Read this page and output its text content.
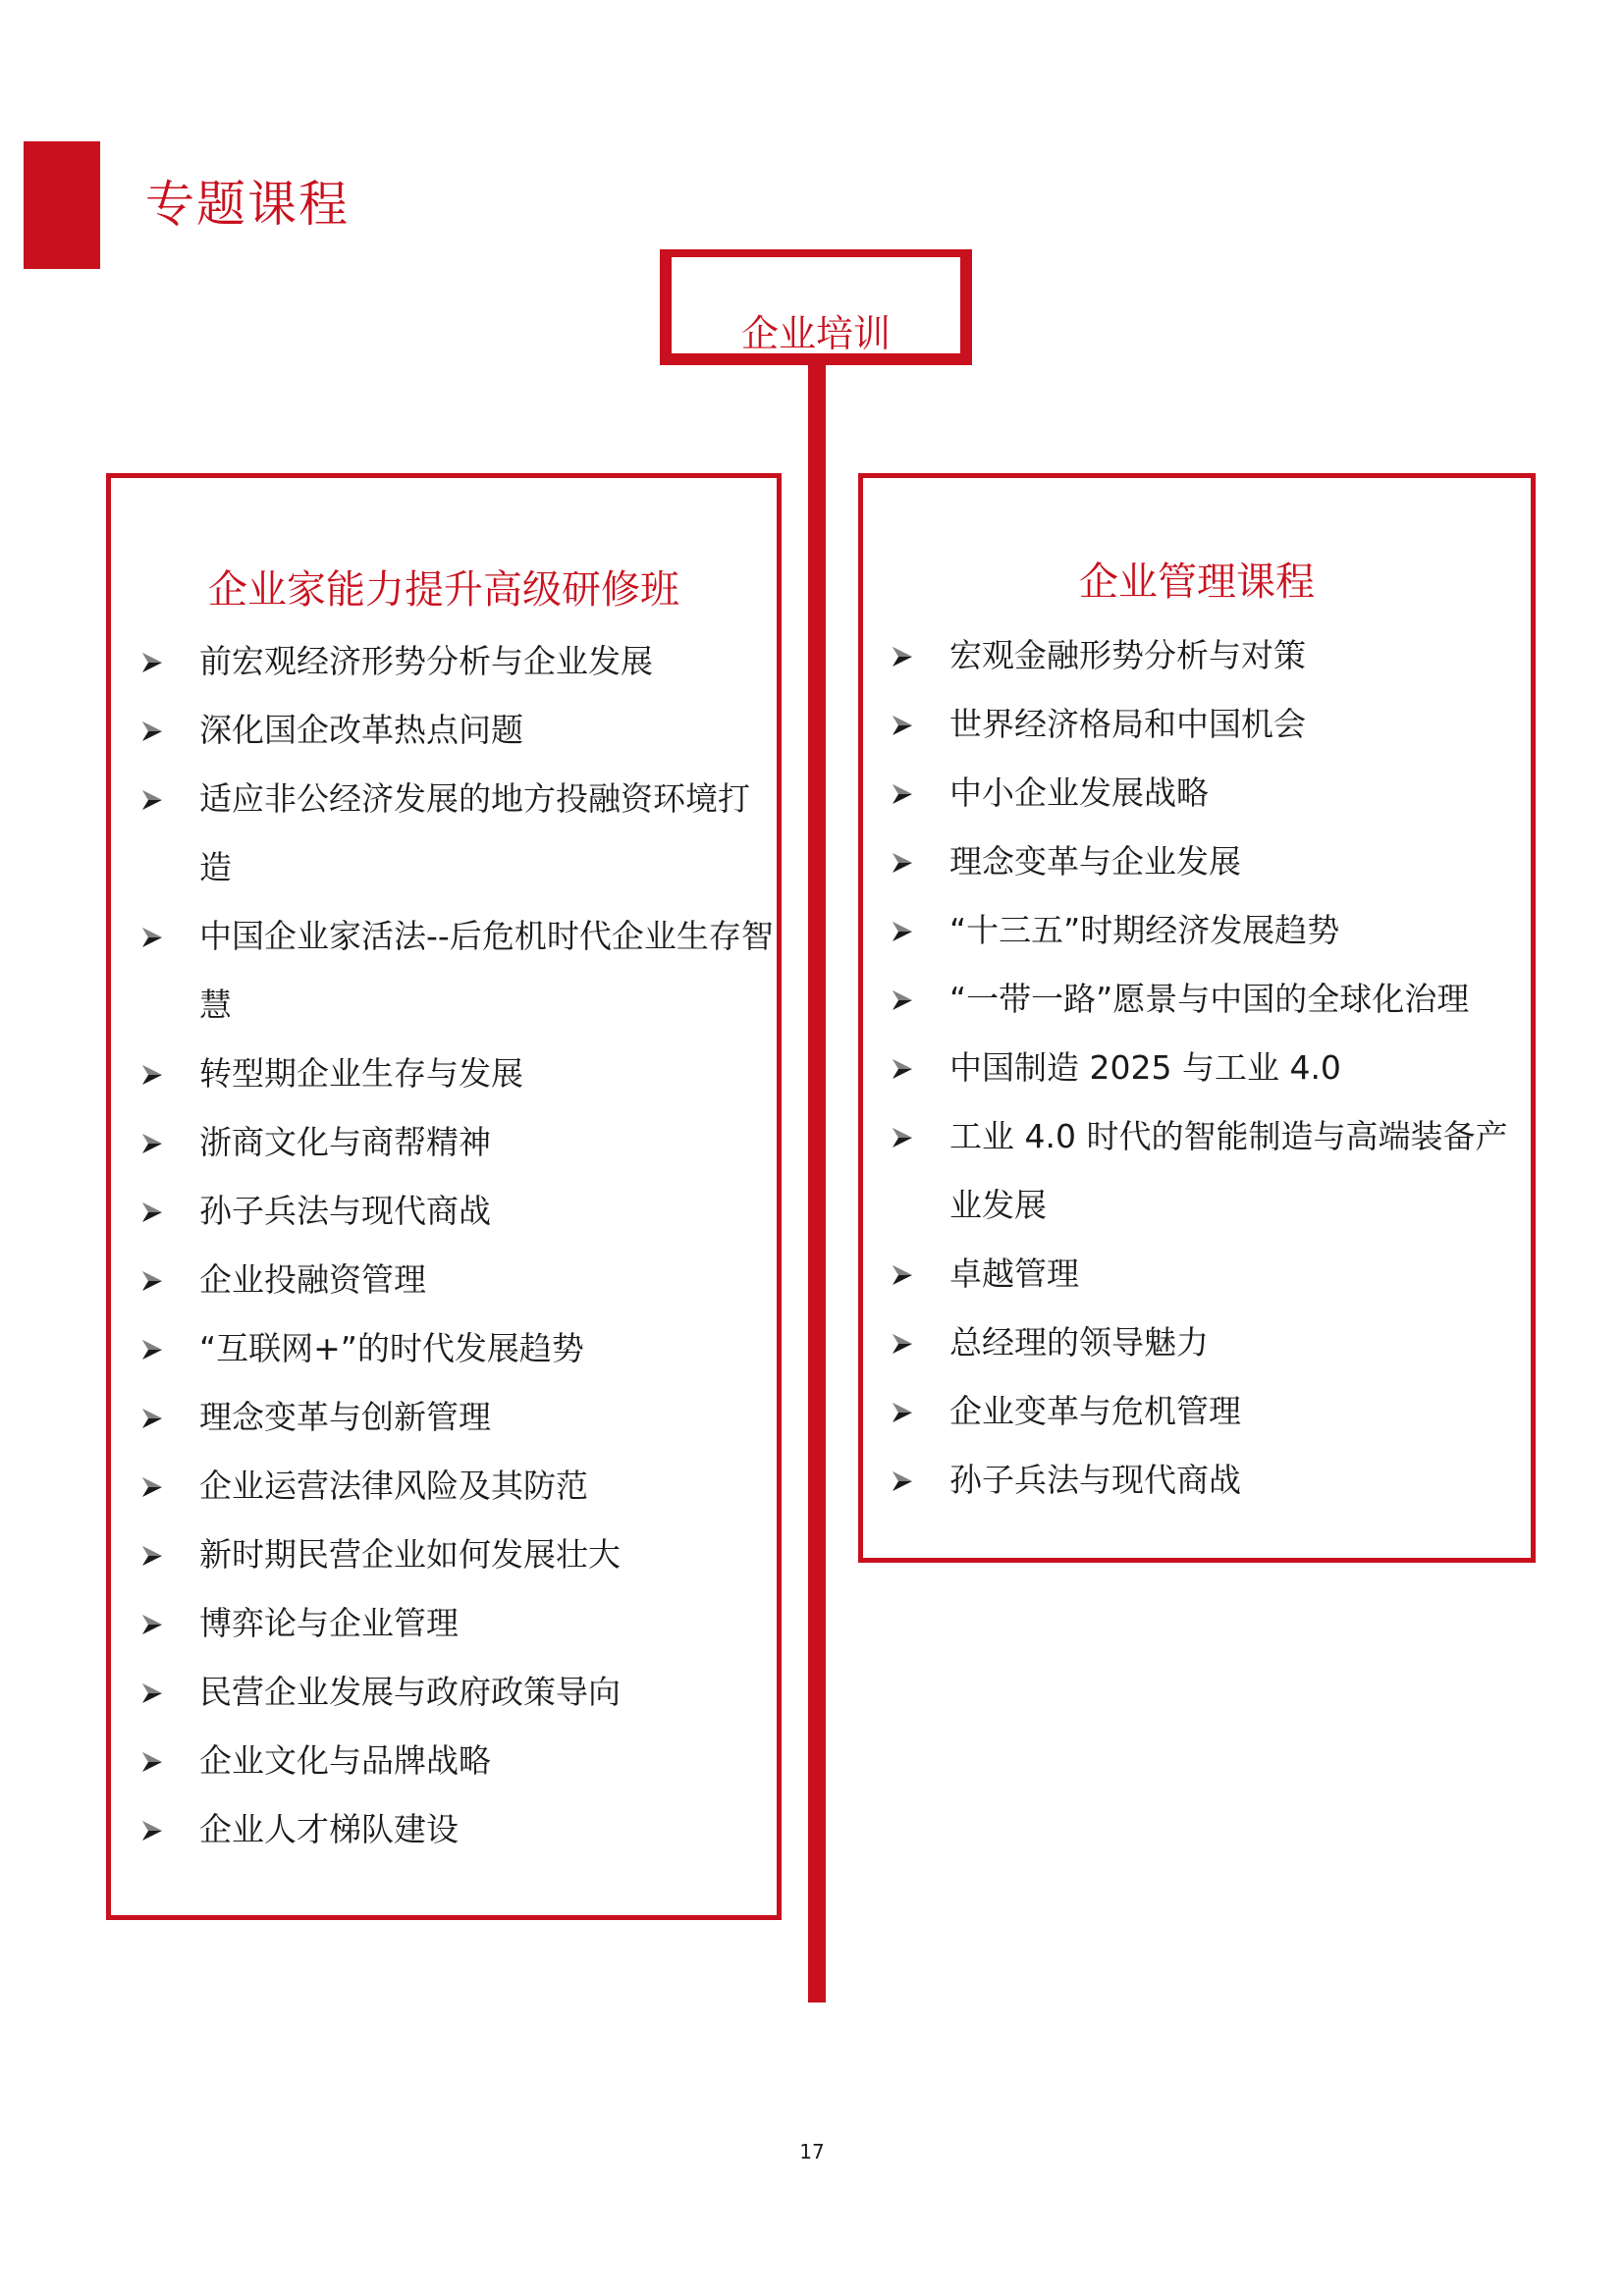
专题课程
企业培训
企业家能力提升高级研修班
前宏观经济形势分析与企业发展
深化国企改革热点问题
适应非公经济发展的地方投融资环境打造
中国企业家活法--后危机时代企业生存智慧
转型期企业生存与发展
浙商文化与商帮精神
孙子兵法与现代商战
企业投融资管理
“互联网+”的时代发展趋势
理念变革与创新管理
企业运营法律风险及其防范
新时期民营企业如何发展壮大
博弈论与企业管理
民营企业发展与政府政策导向
企业文化与品牌战略
企业人才梯队建设
企业管理课程
宏观金融形势分析与对策
世界经济格局和中国机会
中小企业发展战略
理念变革与企业发展
“十三五”时期经济发展趋势
“一带一路”愿景与中国的全球化治理
中国制造 2025 与工业 4.0
工业 4.0 时代的智能制造与高端装备产业发展
卓越管理
总经理的领导魅力
企业变革与危机管理
孙子兵法与现代商战
17
